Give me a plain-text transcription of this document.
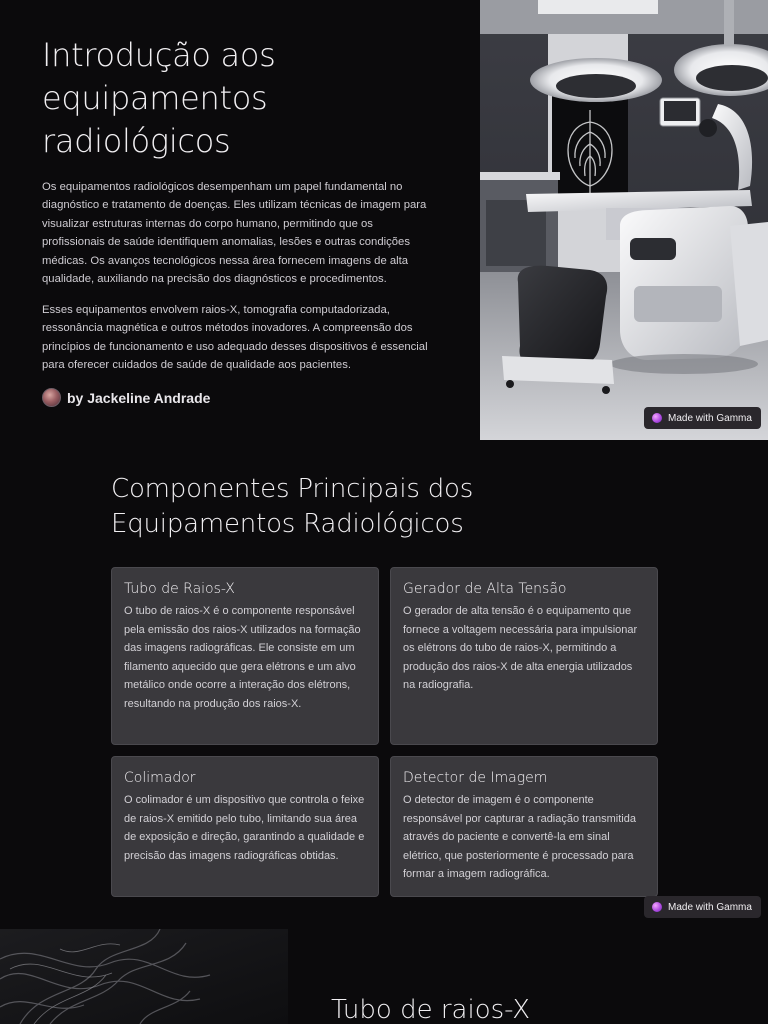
Introdução aos equipamentos radiológicos

Os equipamentos radiológicos desempenham um papel fundamental no diagnóstico e tratamento de doenças. Eles utilizam técnicas de imagem para visualizar estruturas internas do corpo humano, permitindo que os profissionais de saúde identifiquem anomalias, lesões e outras condições médicas. Os avanços tecnológicos nessa área fornecem imagens de alta qualidade, auxiliando na precisão dos diagnósticos e procedimentos.

Esses equipamentos envolvem raios-X, tomografia computadorizada, ressonância magnética e outros métodos inovadores. A compreensão dos princípios de funcionamento e uso adequado desses dispositivos é essencial para oferecer cuidados de saúde de qualidade aos pacientes.

by Jackeline Andrade
Made with Gamma
Componentes Principais dos Equipamentos Radiológicos
Tubo de Raios-X
O tubo de raios-X é o componente responsável pela emissão dos raios-X utilizados na formação das imagens radiográficas. Ele consiste em um filamento aquecido que gera elétrons e um alvo metálico onde ocorre a interação dos elétrons, resultando na produção dos raios-X.
Gerador de Alta Tensão
O gerador de alta tensão é o equipamento que fornece a voltagem necessária para impulsionar os elétrons do tubo de raios-X, permitindo a produção dos raios-X de alta energia utilizados na radiografia.
Colimador
O colimador é um dispositivo que controla o feixe de raios-X emitido pelo tubo, limitando sua área de exposição e direção, garantindo a qualidade e precisão das imagens radiográficas obtidas.
Detector de Imagem
O detector de imagem é o componente responsável por capturar a radiação transmitida através do paciente e convertê-la em sinal elétrico, que posteriormente é processado para formar a imagem radiográfica.
Made with Gamma
Tubo de raios-X
